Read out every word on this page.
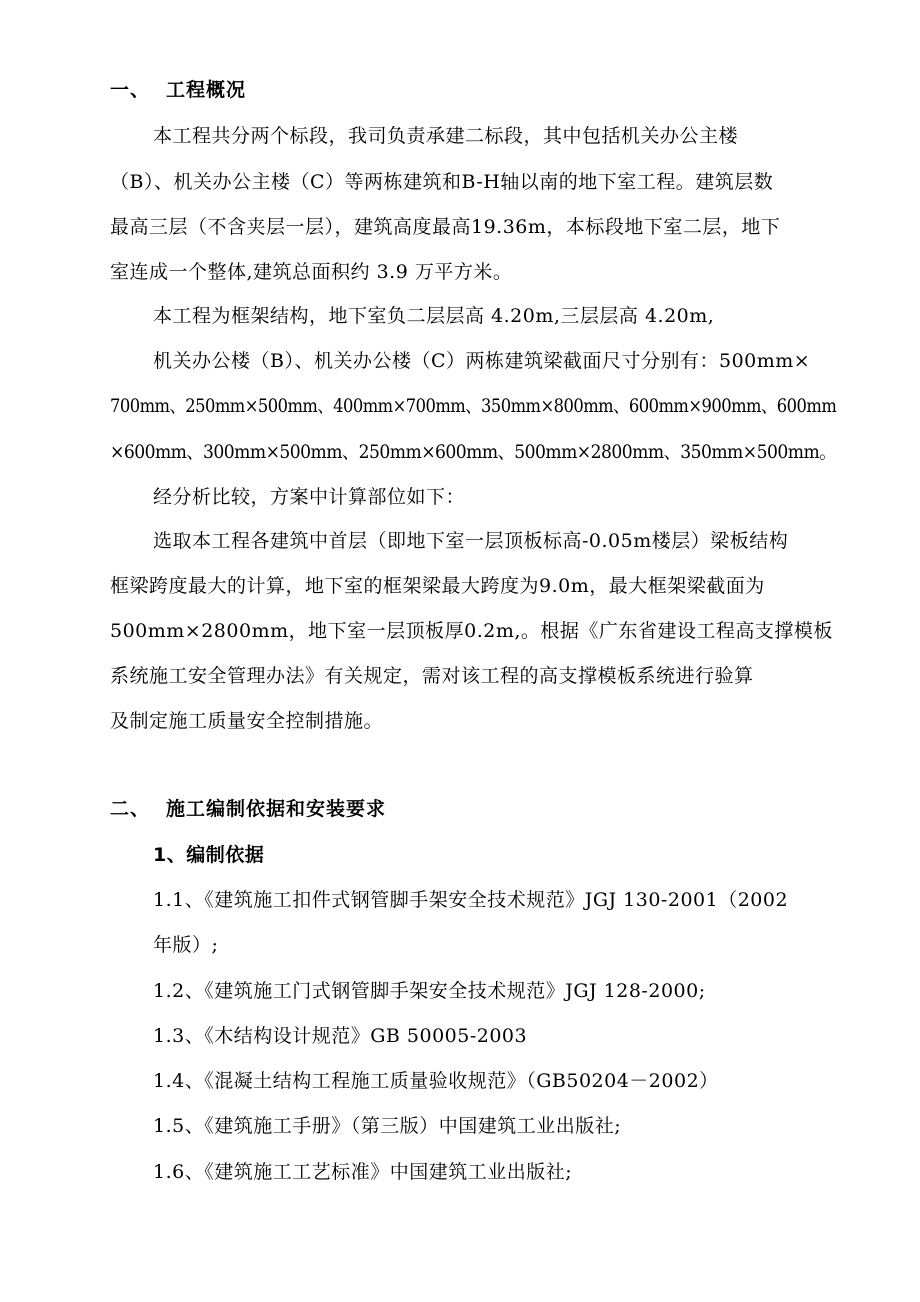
一、 工程概况
本工程共分两个标段，我司负责承建二标段，其中包括机关办公主楼
（B）、机关办公主楼（C）等两栋建筑和B-H轴以南的地下室工程。建筑层数
最高三层（不含夹层一层），建筑高度最高19.36m，本标段地下室二层，地下
室连成一个整体,建筑总面积约 3.9 万平方米。
本工程为框架结构，地下室负二层层高 4.20m,三层层高 4.20m,
机关办公楼（B）、机关办公楼（C）两栋建筑梁截面尺寸分别有：500mm×
700mm、250mm×500mm、400mm×700mm、350mm×800mm、600mm×900mm、600mm
×600mm、300mm×500mm、250mm×600mm、500mm×2800mm、350mm×500mm。
经分析比较，方案中计算部位如下：
选取本工程各建筑中首层（即地下室一层顶板标高-0.05m楼层）梁板结构
框梁跨度最大的计算，地下室的框架梁最大跨度为9.0m，最大框架梁截面为
500mm×2800mm，地下室一层顶板厚0.2m,。根据《广东省建设工程高支撑模板
系统施工安全管理办法》有关规定，需对该工程的高支撑模板系统进行验算
及制定施工质量安全控制措施。
二、 施工编制依据和安装要求
1、编制依据
1.1、《建筑施工扣件式钢管脚手架安全技术规范》JGJ 130-2001（2002
年版）;
1.2、《建筑施工门式钢管脚手架安全技术规范》JGJ 128-2000;
1.3、《木结构设计规范》GB 50005-2003
1.4、《混凝土结构工程施工质量验收规范》（GB50204－2002）
1.5、《建筑施工手册》（第三版）中国建筑工业出版社;
1.6、《建筑施工工艺标准》中国建筑工业出版社;
